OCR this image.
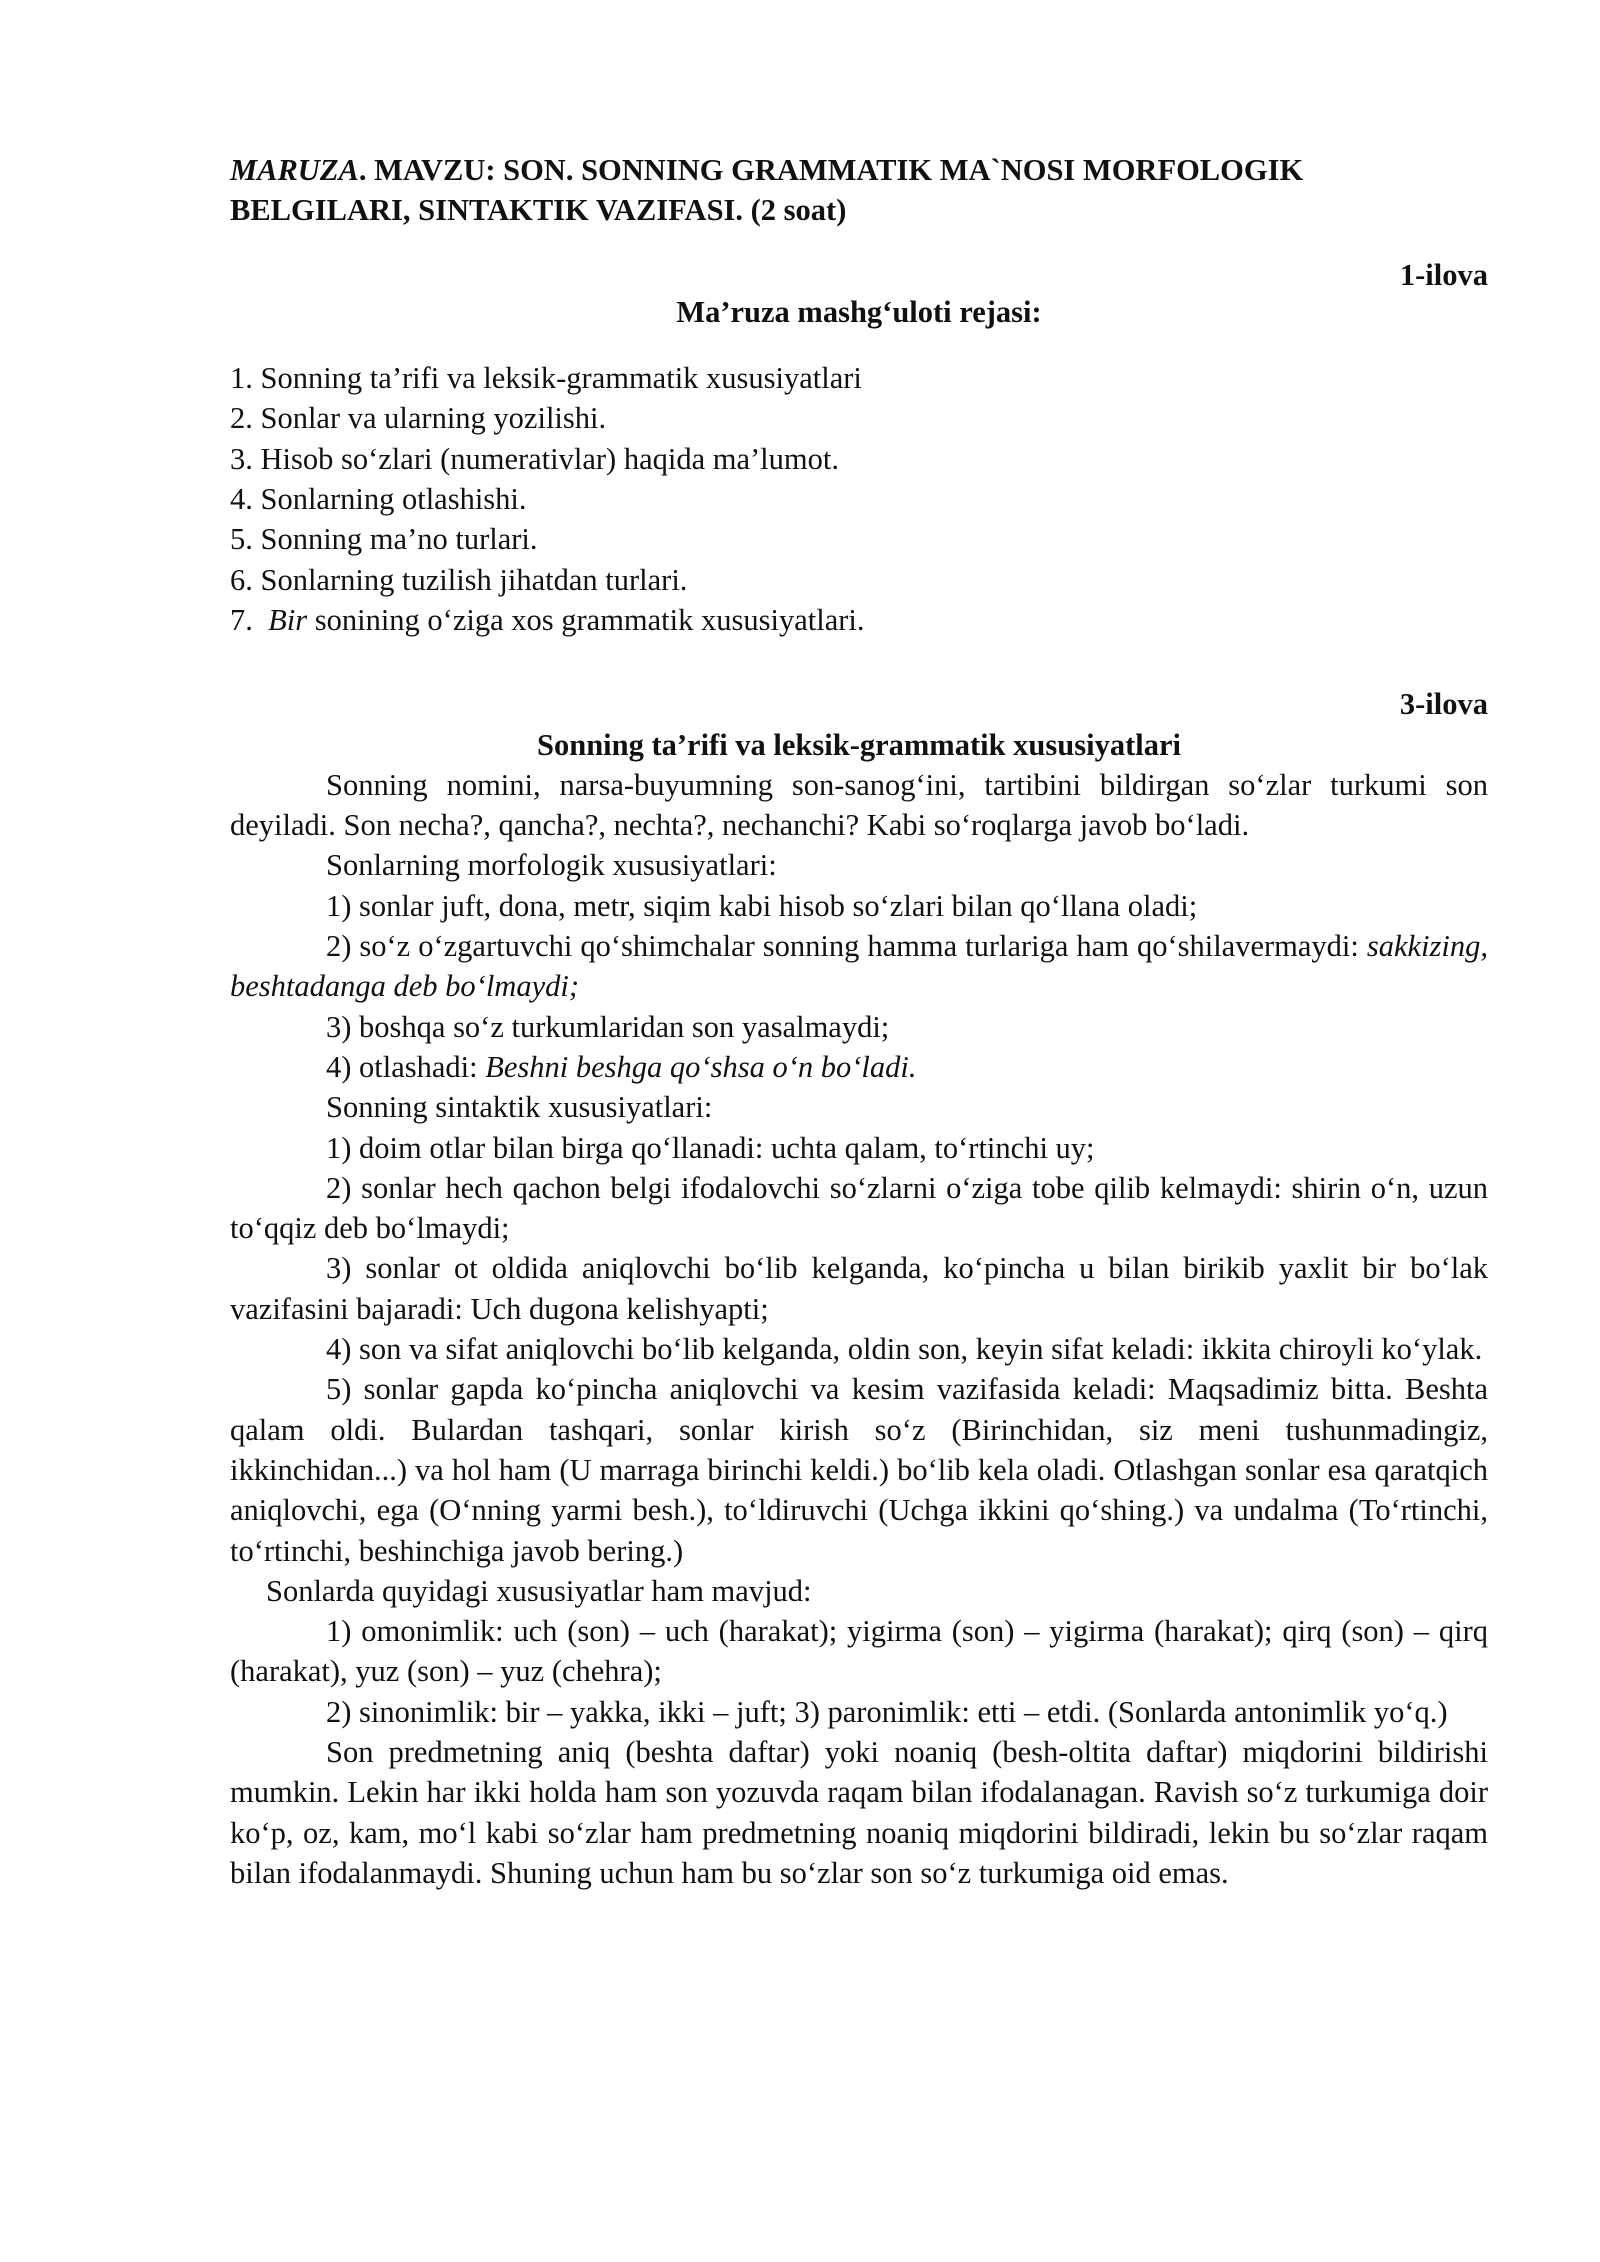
MARUZA. MAVZU: SON. SONNING GRAMMATIK MA`NOSI MORFOLOGIK
BELGILARI, SINTAKTIK VAZIFASI. (2 soat)

1-ilova

Ma’ruza mashg‘uloti rejasi:

1. Sonning ta’rifi va leksik-grammatik xususiyatlari
2. Sonlar va ularning yozilishi.
3. Hisob so‘zlari (numerativlar) haqida ma’lumot.
4. Sonlarning otlashishi.
5. Sonning ma’no turlari.
6. Sonlarning tuzilish jihatdan turlari.
7.  Bir sonining o‘ziga xos grammatik xususiyatlari.

3-ilova

Sonning ta’rifi va leksik-grammatik xususiyatlari

Sonning nomini, narsa-buyumning son-sanog‘ini, tartibini bildirgan so‘zlar turkumi son deyiladi. Son necha?, qancha?, nechta?, nechanchi? Kabi so‘roqlarga javob bo‘ladi.

Sonlarning morfologik xususiyatlari:

1) sonlar juft, dona, metr, siqim kabi hisob so‘zlari bilan qo‘llana oladi;

2) so‘z o‘zgartuvchi qo‘shimchalar sonning hamma turlariga ham qo‘shilavermaydi: sakkizing, beshtadanga deb bo‘lmaydi;

3) boshqa so‘z turkumlaridan son yasalmaydi;

4) otlashadi: Beshni beshga qo‘shsa o‘n bo‘ladi.

Sonning sintaktik xususiyatlari:

1) doim otlar bilan birga qo‘llanadi: uchta qalam, to‘rtinchi uy;

2) sonlar hech qachon belgi ifodalovchi so‘zlarni o‘ziga tobe qilib kelmaydi: shirin o‘n, uzun to‘qqiz deb bo‘lmaydi;

3) sonlar ot oldida aniqlovchi bo‘lib kelganda, ko‘pincha u bilan birikib yaxlit bir bo‘lak vazifasini bajaradi: Uch dugona kelishyapti;

4) son va sifat aniqlovchi bo‘lib kelganda, oldin son, keyin sifat keladi: ikkita chiroyli ko‘ylak.

5) sonlar gapda ko‘pincha aniqlovchi va kesim vazifasida keladi: Maqsadimiz bitta. Beshta qalam oldi. Bulardan tashqari, sonlar kirish so‘z (Birinchidan, siz meni tushunmadingiz, ikkinchidan...) va hol ham (U marraga birinchi keldi.) bo‘lib kela oladi. Otlashgan sonlar esa qaratqich aniqlovchi, ega (O‘nning yarmi besh.), to‘ldiruvchi (Uchga ikkini qo‘shing.) va undalma (To‘rtinchi, to‘rtinchi, beshinchiga javob bering.)

Sonlarda quyidagi xususiyatlar ham mavjud:

1) omonimlik: uch (son) – uch (harakat); yigirma (son) – yigirma (harakat); qirq (son) – qirq (harakat), yuz (son) – yuz (chehra);

2) sinonimlik: bir – yakka, ikki – juft; 3) paronimlik: etti – etdi. (Sonlarda antonimlik yo‘q.)

Son predmetning aniq (beshta daftar) yoki noaniq (besh-oltita daftar) miqdorini bildirishi mumkin. Lekin har ikki holda ham son yozuvda raqam bilan ifodalanagan. Ravish so‘z turkumiga doir ko‘p, oz, kam, mo‘l kabi so‘zlar ham predmetning noaniq miqdorini bildiradi, lekin bu so‘zlar raqam bilan ifodalanmaydi. Shuning uchun ham bu so‘zlar son so‘z turkumiga oid emas.
